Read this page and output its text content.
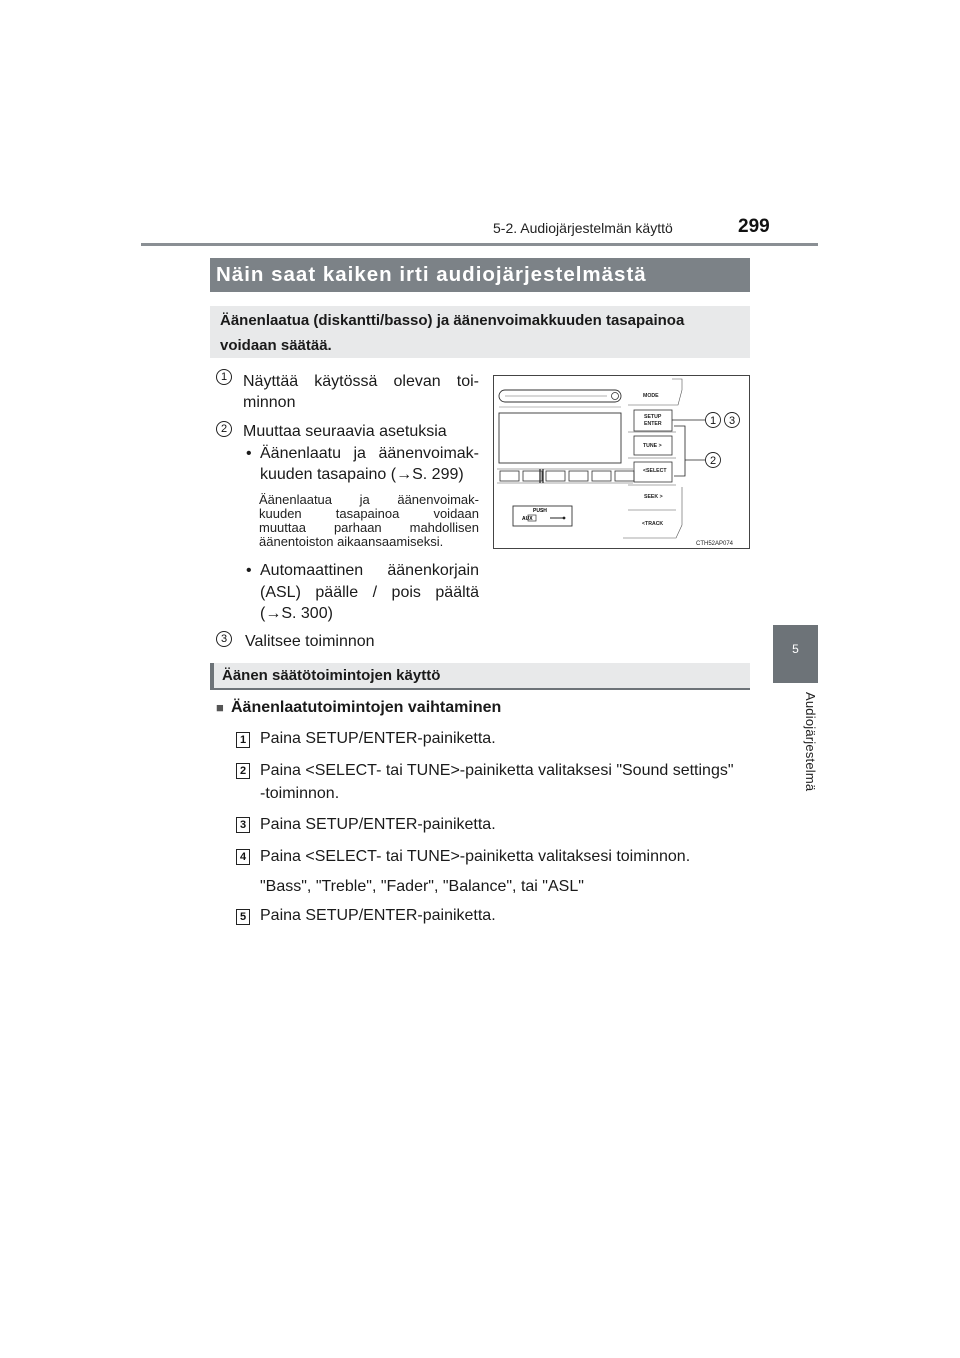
5-2. Audiojärjestelmän käyttö	299
5
Audiojärjestelmä
Näin saat kaiken irti audiojärjestelmästä
Äänenlaatua (diskantti/basso) ja äänenvoimakkuuden tasapainoa voidaan säätää.
1 Näyttää käytössä olevan toi-
minnon
2 Muuttaa seuraavia asetuksia
• Äänenlaatu ja äänenvoimak-
kuuden tasapaino (→S. 299)
Äänenlaatua ja äänenvoimak-
kuuden tasapainoa voidaan
muuttaa parhaan mahdollisen
äänentoiston aikaansaamiseksi.
• Automaattinen äänenkorjain
(ASL) päälle / pois päältä
(→S. 300)
3	Valitsee toiminnon
PUSH
AUX
MODE
SETUP
ENTER
TUNE >
<SELECT
SEEK >
<TRACK
1 3
2
CTH52AP074
Äänen säätötoimintojen käyttö
■ Äänenlaatutoimintojen vaihtaminen
1 Paina SETUP/ENTER-painiketta.
2 Paina <SELECT- tai TUNE>-painiketta valitaksesi "Sound settings"
-toiminnon.
3 Paina SETUP/ENTER-painiketta.
4 Paina <SELECT- tai TUNE>-painiketta valitaksesi toiminnon.
"Bass", "Treble", "Fader", "Balance", tai "ASL"
5 Paina SETUP/ENTER-painiketta.
